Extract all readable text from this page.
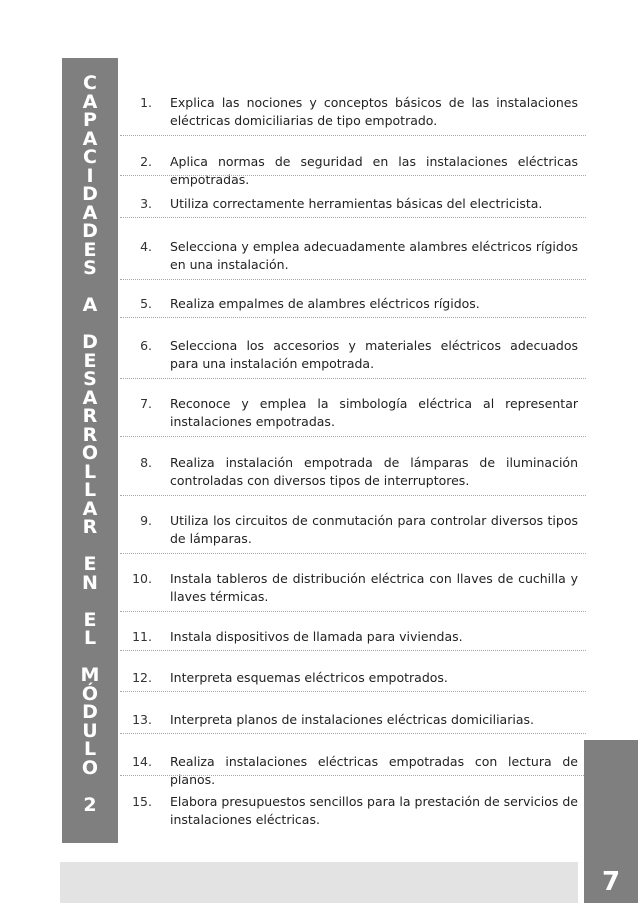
C
A
P
A
C
I
D
A
D
E
S
A
D
E
S
A
R
R
O
L
L
A
R
E
N
E
L
M
Ó
D
U
L
O
2
1. Explica las nociones y conceptos básicos de las instalaciones eléctricas domiciliarias de tipo empotrado.
2. Aplica normas de seguridad en las instalaciones eléctricas empotradas.
3. Utiliza correctamente herramientas básicas del electricista.
4. Selecciona y emplea adecuadamente alambres eléctricos rígidos en una instalación.
5. Realiza empalmes de alambres eléctricos rígidos.
6. Selecciona los accesorios y materiales eléctricos adecuados para una instalación empotrada.
7. Reconoce y emplea la simbología eléctrica al representar instalaciones empotradas.
8. Realiza instalación empotrada de lámparas de iluminación controladas con diversos tipos de interruptores.
9. Utiliza los circuitos de conmutación para controlar diversos tipos de lámparas.
10. Instala tableros de distribución eléctrica con llaves de cuchilla y llaves térmicas.
11. Instala dispositivos de llamada para viviendas.
12. Interpreta esquemas eléctricos empotrados.
13. Interpreta planos de instalaciones eléctricas domiciliarias.
14. Realiza instalaciones eléctricas empotradas con lectura de planos.
15. Elabora presupuestos sencillos para la prestación de servicios de instalaciones eléctricas.
7
